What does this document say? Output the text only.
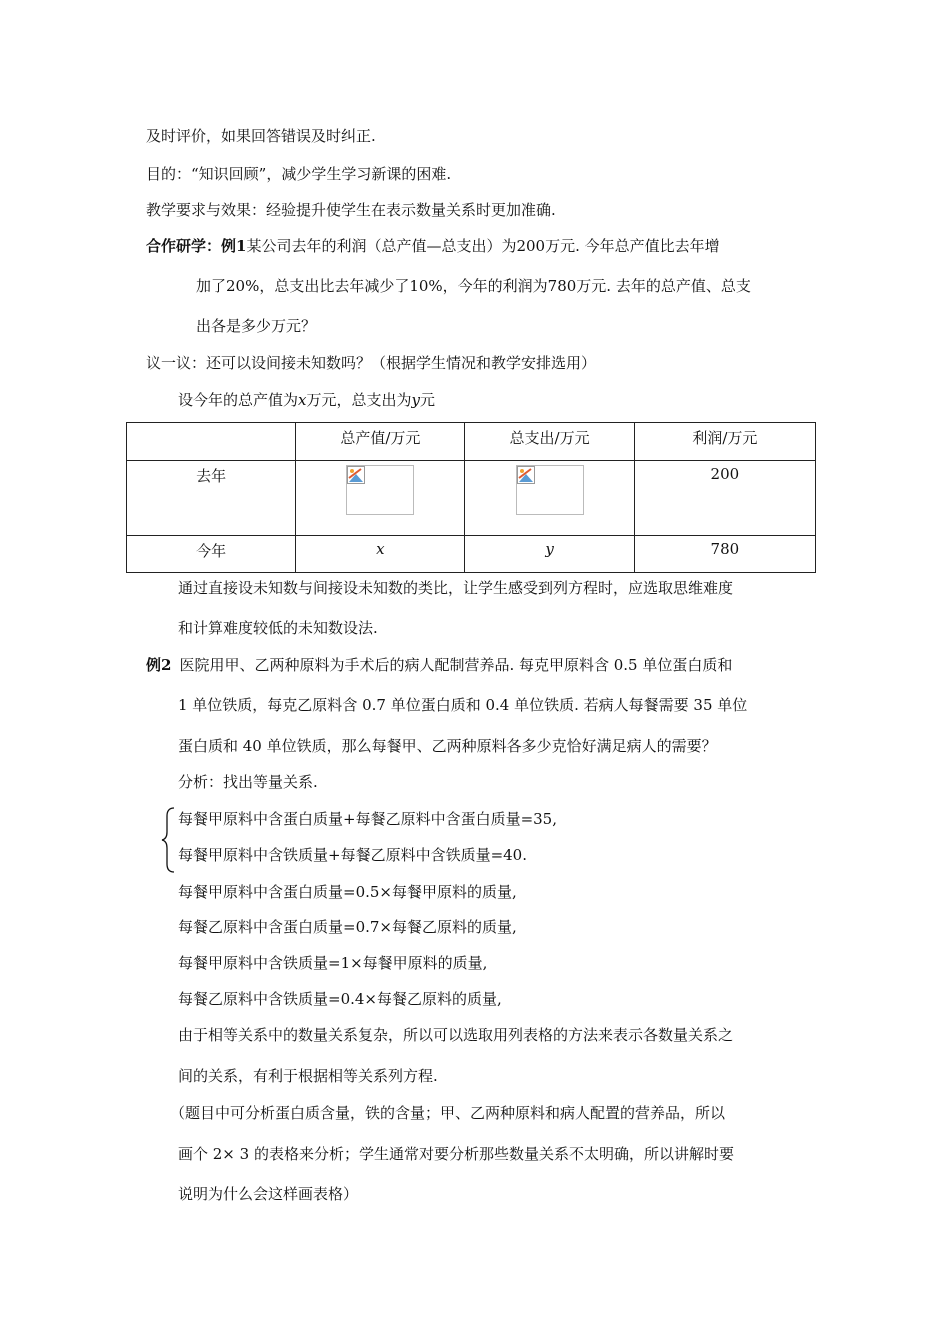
及时评价，如果回答错误及时纠正.
目的：“知识回顾”，减少学生学习新课的困难.
教学要求与效果：经验提升使学生在表示数量关系时更加准确.
合作研学：例1某公司去年的利润（总产值—总支出）为200万元. 今年总产值比去年增
加了20%，总支出比去年减少了10%，今年的利润为780万元. 去年的总产值、总支
出各是多少万元？
议一议：还可以设间接未知数吗？（根据学生情况和教学安排选用）
设今年的总产值为x万元，总支出为y元
	总产值/万元	总支出/万元	利润/万元
去年			200
今年	x	y	780
通过直接设未知数与间接设未知数的类比，让学生感受到列方程时，应选取思维难度
和计算难度较低的未知数设法.
例2 医院用甲、乙两种原料为手术后的病人配制营养品. 每克甲原料含 0.5 单位蛋白质和
1 单位铁质，每克乙原料含 0.7 单位蛋白质和 0.4 单位铁质. 若病人每餐需要 35 单位
蛋白质和 40 单位铁质，那么每餐甲、乙两种原料各多少克恰好满足病人的需要？
分析：找出等量关系.
每餐甲原料中含蛋白质量+每餐乙原料中含蛋白质量=35,
每餐甲原料中含铁质量+每餐乙原料中含铁质量=40.
每餐甲原料中含蛋白质量=0.5×每餐甲原料的质量,
每餐乙原料中含蛋白质量=0.7×每餐乙原料的质量,
每餐甲原料中含铁质量=1×每餐甲原料的质量,
每餐乙原料中含铁质量=0.4×每餐乙原料的质量,
由于相等关系中的数量关系复杂，所以可以选取用列表格的方法来表示各数量关系之
间的关系，有利于根据相等关系列方程.
（题目中可分析蛋白质含量，铁的含量；甲、乙两种原料和病人配置的营养品，所以
画个 2× 3 的表格来分析；学生通常对要分析那些数量关系不太明确，所以讲解时要
说明为什么会这样画表格）
